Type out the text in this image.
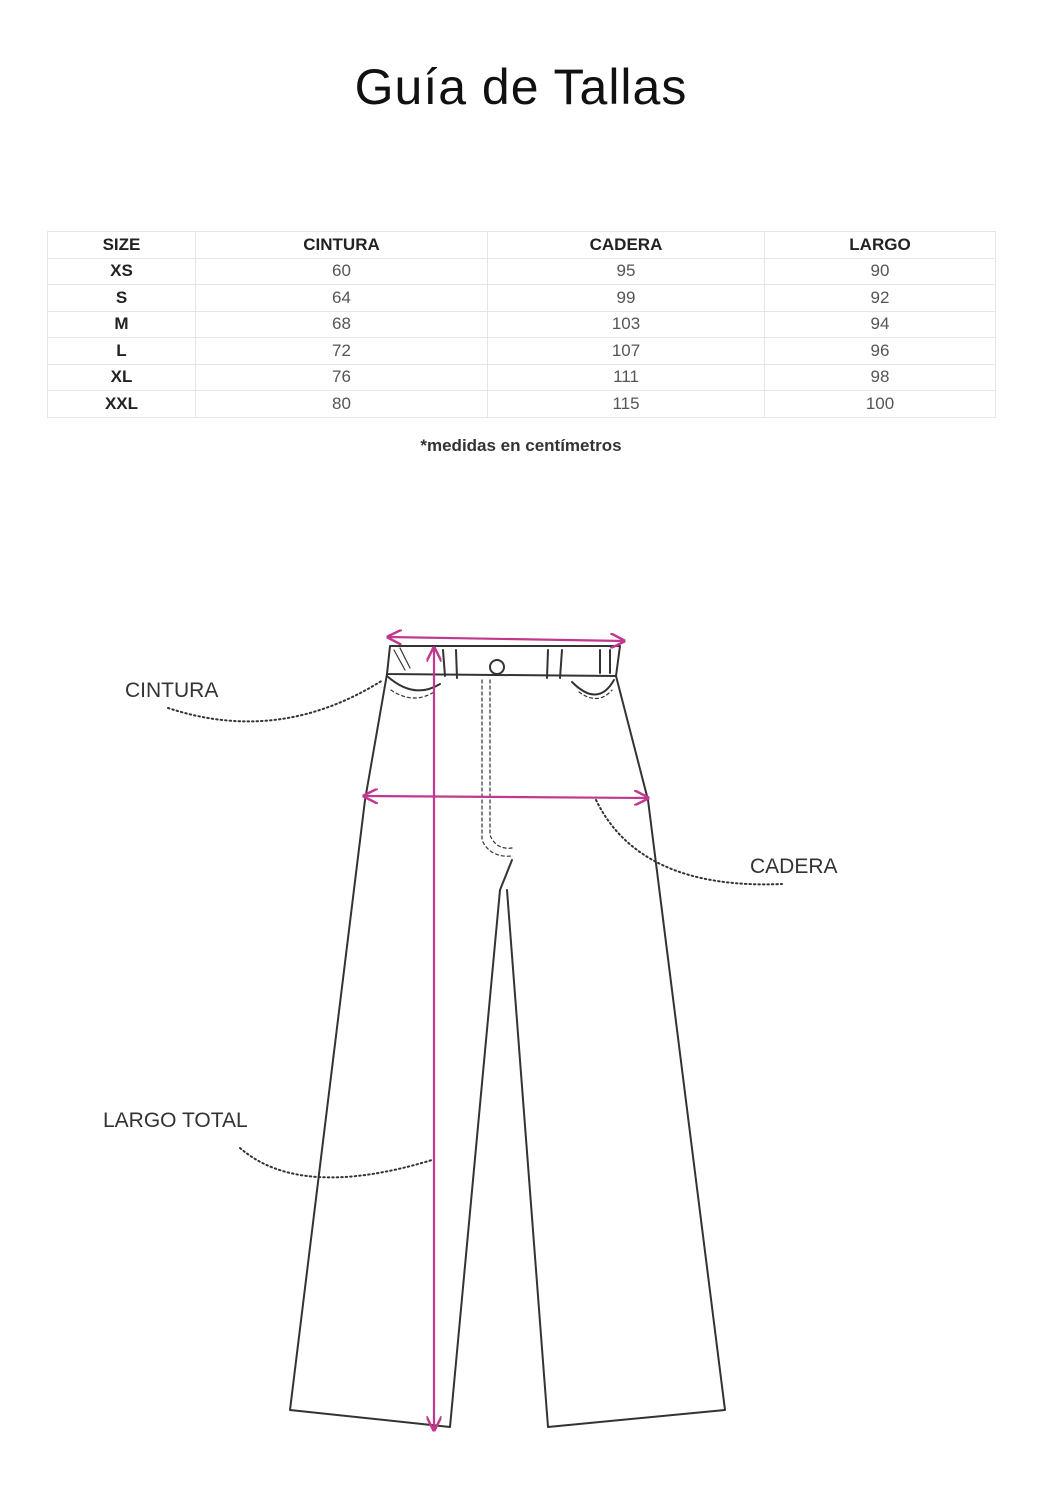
Guía de Tallas
SIZE	CINTURA	CADERA	LARGO
XS	60	95	90
S	64	99	92
M	68	103	94
L	72	107	96
XL	76	111	98
XXL	80	115	100
*medidas en centímetros
CINTURA
CADERA
LARGO TOTAL
